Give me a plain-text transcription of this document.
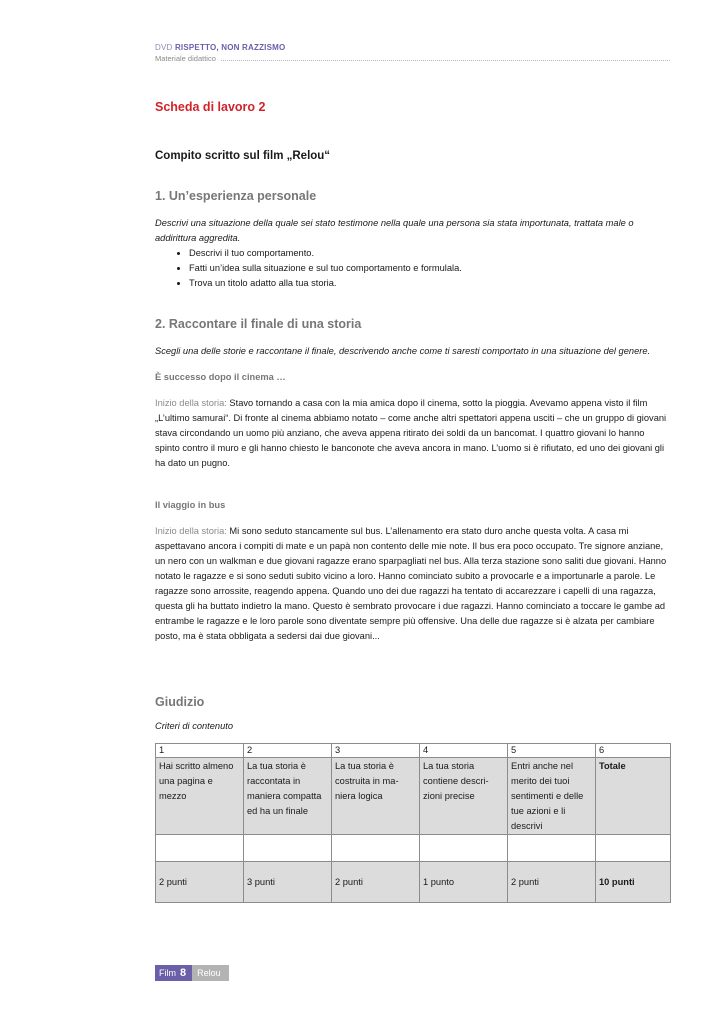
DVD RISPETTO, NON RAZZISMO
Materiale didattico
Scheda di lavoro 2
Compito scritto sul film „Relou“
1. Un’esperienza personale

Descrivi una situazione della quale sei stato testimone nella quale una persona sia stata importunata, trattata male o addirittura aggredita.

• Descrivi il tuo comportamento.
• Fatti un’idea sulla situazione e sul tuo comportamento e formulala.
• Trova un titolo adatto alla tua storia.
2. Raccontare il finale di una storia

Scegli una delle storie e raccontane il finale, descrivendo anche come ti saresti comportato in una situazione del genere.

È successo dopo il cinema …

Inizio della storia: Stavo tornando a casa con la mia amica dopo il cinema, sotto la pioggia. Avevamo appena visto il film „L’ultimo samurai“. Di fronte al cinema abbiamo notato – come anche altri spettatori appena usciti – che un gruppo di giovani stava circondando un uomo più anziano, che aveva appena ritirato dei soldi da un bancomat. I quattro giovani lo hanno spinto contro il muro e gli hanno chiesto le banconote che aveva ancora in mano. L’uomo si è rifiutato, ed uno dei giovani gli ha dato un pugno.

Il viaggio in bus

Inizio della storia: Mi sono seduto stancamente sul bus. L’allenamento era stato duro anche questa volta. A casa mi aspettavano ancora i compiti di mate e un papà non contento delle mie note. Il bus era poco occupato. Tre signore anziane, un nero con un walkman e due giovani ragazze erano sparpagliati nel bus. Alla terza stazione sono saliti due giovani. Hanno notato le ragazze e si sono seduti subito vicino a loro. Hanno cominciato subito a provocarle e a importunarle a parole. Le ragazze sono arrossite, reagendo appena. Quando uno dei due ragazzi ha tentato di accarezzare i capelli di una ragazza, questa gli ha buttato indietro la mano. Questo è sembrato provocare i due ragazzi. Hanno cominciato a toccare le gambe ad entrambe le ragazze e le loro parole sono diventate sempre più offensive. Una delle due ragazze si è alzata per cambiare posto, ma è stata obbligata a sedersi dai due giovani...

Giudizio

Criteri di contenuto

1	2	3	4	5	6
Hai scritto almeno una pagina e mezzo	La tua storia è raccontata in maniera compatta ed ha un finale	La tua storia è costruita in maniera logica	La tua storia contiene descrizioni precise	Entri anche nel merito dei tuoi sentimenti e delle tue azioni e li descrivi	Totale

2 punti	3 punti	2 punti	1 punto	2 punti	10 punti
Film 8	Relou
